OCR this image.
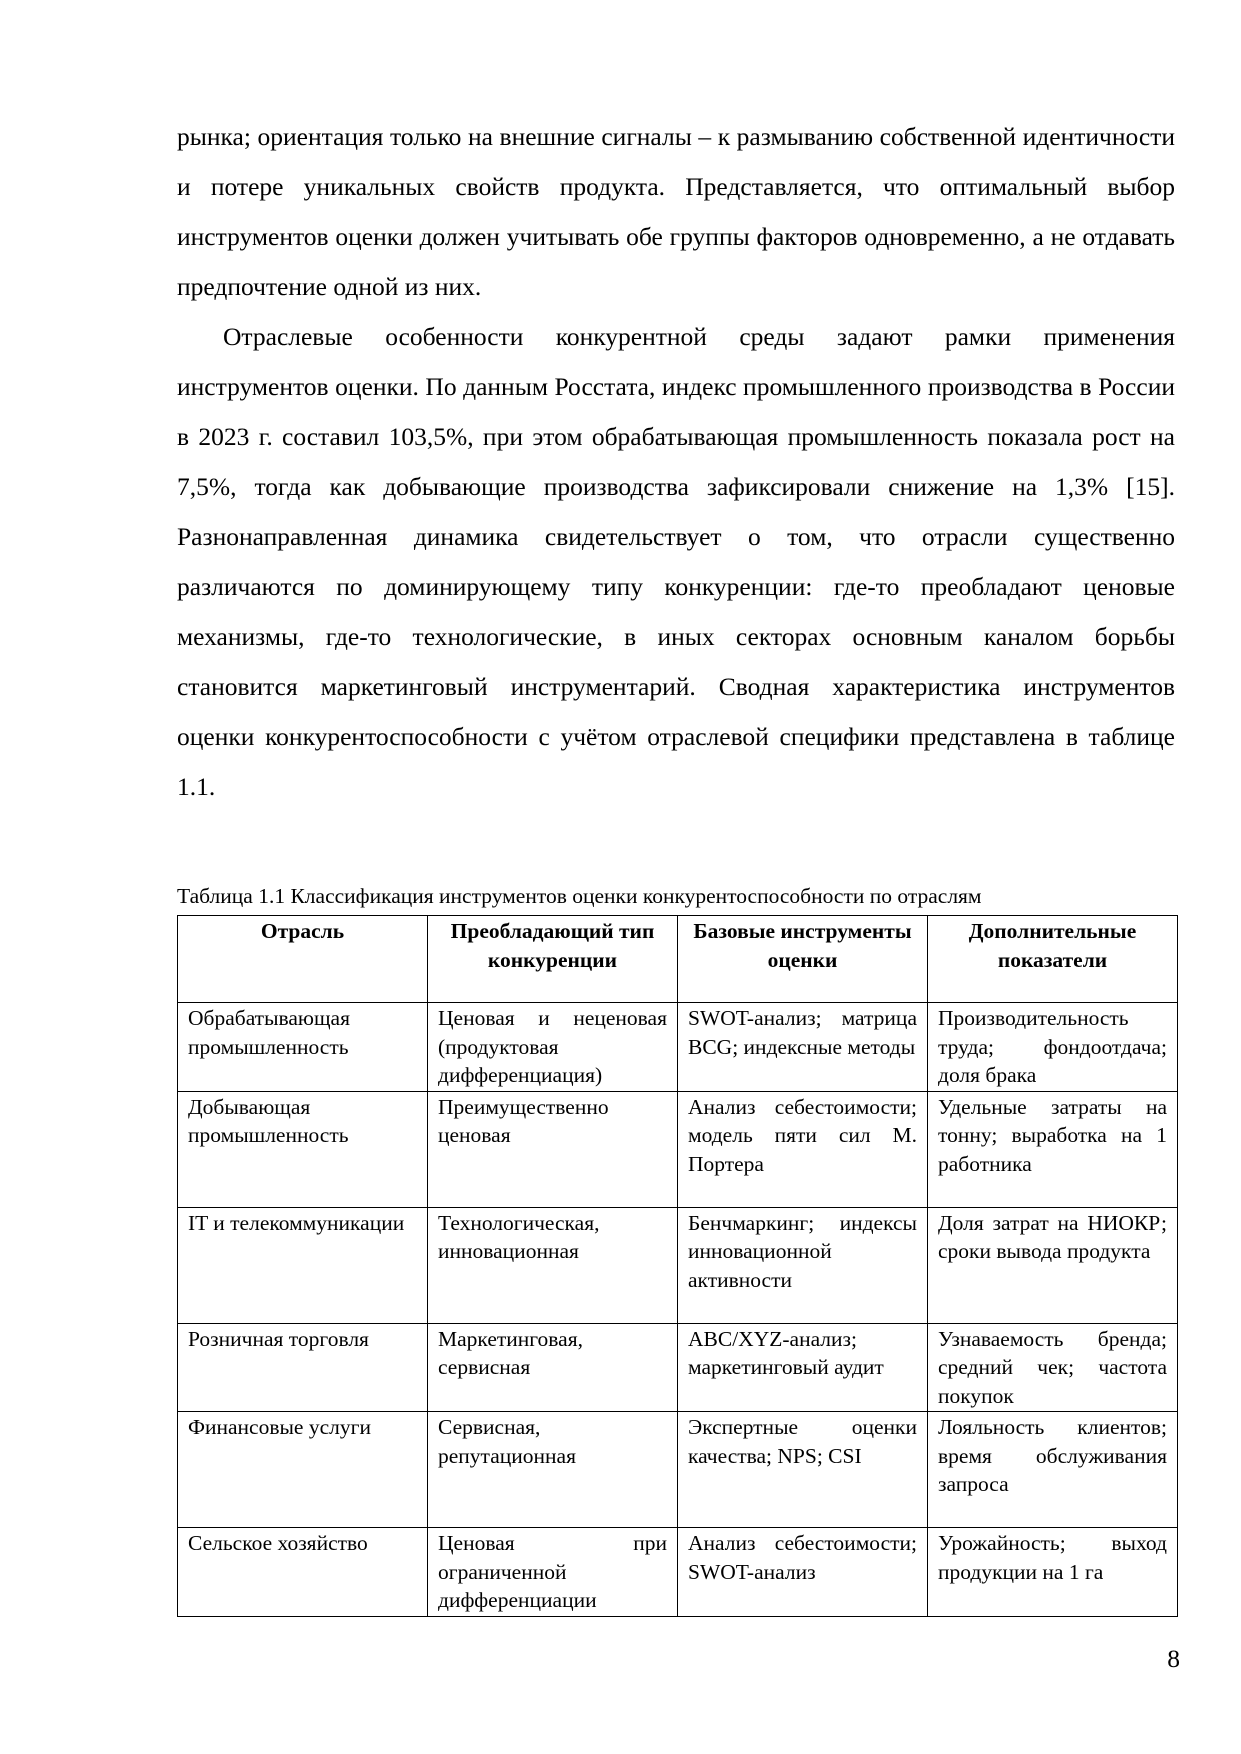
рынка; ориентация только на внешние сигналы – к размыванию собственной идентичности и потере уникальных свойств продукта. Представляется, что оптимальный выбор инструментов оценки должен учитывать обе группы факторов одновременно, а не отдавать предпочтение одной из них.

Отраслевые особенности конкурентной среды задают рамки применения инструментов оценки. По данным Росстата, индекс промышленного производства в России в 2023 г. составил 103,5%, при этом обрабатывающая промышленность показала рост на 7,5%, тогда как добывающие производства зафиксировали снижение на 1,3% [15]. Разнонаправленная динамика свидетельствует о том, что отрасли существенно различаются по доминирующему типу конкуренции: где-то преобладают ценовые механизмы, где-то технологические, в иных секторах основным каналом борьбы становится маркетинговый инструментарий. Сводная характеристика инструментов оценки конкурентоспособности с учётом отраслевой специфики представлена в таблице 1.1.

Таблица 1.1 Классификация инструментов оценки конкурентоспособности по отраслям
Отрасль	Преобладающий тип конкуренции	Базовые инструменты оценки	Дополнительные показатели
Обрабатывающая промышленность	Ценовая и неценовая (продуктовая дифференциация)	SWOT-анализ; матрица BCG; индексные методы	Производительность труда; фондоотдача; доля брака
Добывающая промышленность	Преимущественно ценовая	Анализ себестоимости; модель пяти сил М. Портера	Удельные затраты на тонну; выработка на 1 работника
IT и телекоммуникации	Технологическая, инновационная	Бенчмаркинг; индексы инновационной активности	Доля затрат на НИОКР; сроки вывода продукта
Розничная торговля	Маркетинговая, сервисная	ABC/XYZ-анализ; маркетинговый аудит	Узнаваемость бренда; средний чек; частота покупок
Финансовые услуги	Сервисная, репутационная	Экспертные оценки качества; NPS; CSI	Лояльность клиентов; время обслуживания запроса
Сельское хозяйство	Ценовая при ограниченной дифференциации	Анализ себестоимости; SWOT-анализ	Урожайность; выход продукции на 1 га
8
